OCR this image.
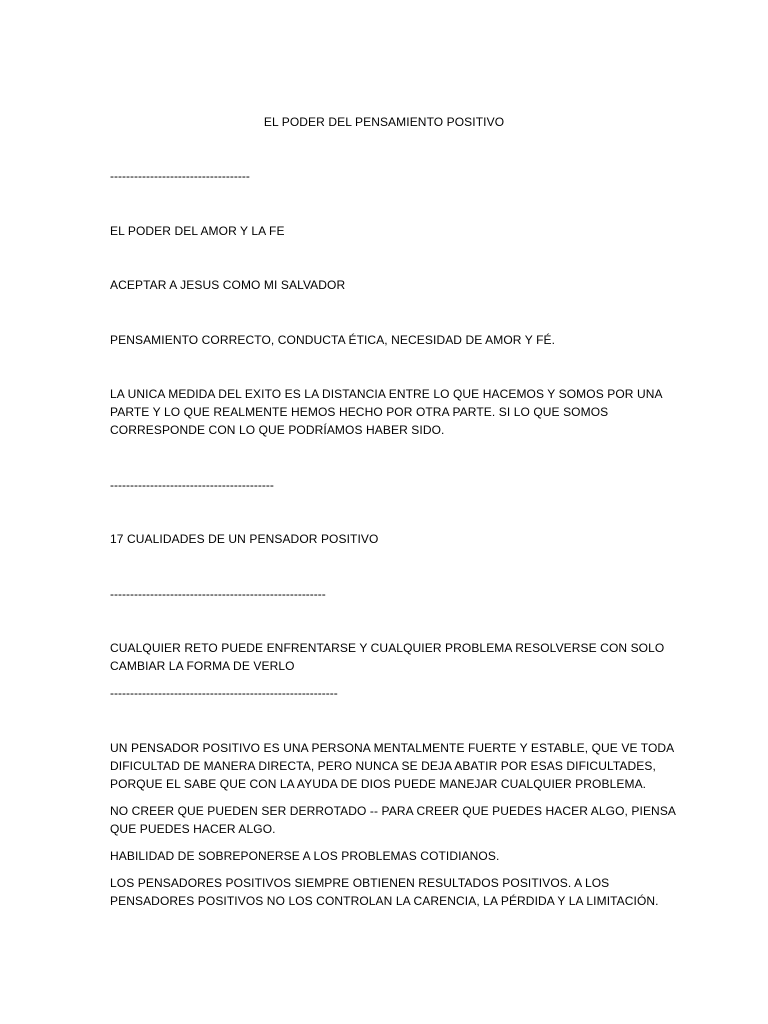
EL PODER DEL PENSAMIENTO POSITIVO
-----------------------------------
EL PODER DEL AMOR Y LA FE
ACEPTAR A JESUS COMO MI SALVADOR
PENSAMIENTO CORRECTO, CONDUCTA ÉTICA, NECESIDAD DE AMOR Y FÉ.
LA UNICA MEDIDA DEL EXITO ES LA DISTANCIA ENTRE LO QUE HACEMOS Y SOMOS POR UNA
PARTE Y LO QUE REALMENTE HEMOS HECHO POR OTRA PARTE. SI LO QUE SOMOS
CORRESPONDE CON LO QUE PODRÍAMOS HABER SIDO.
-----------------------------------------
17 CUALIDADES DE UN PENSADOR POSITIVO
------------------------------------------------------
CUALQUIER RETO PUEDE ENFRENTARSE Y CUALQUIER PROBLEMA RESOLVERSE CON SOLO
CAMBIAR LA FORMA DE VERLO
---------------------------------------------------------
UN PENSADOR POSITIVO ES UNA PERSONA MENTALMENTE FUERTE Y ESTABLE, QUE VE TODA
DIFICULTAD DE MANERA DIRECTA, PERO NUNCA SE DEJA ABATIR POR ESAS DIFICULTADES,
PORQUE EL SABE QUE CON LA AYUDA DE DIOS PUEDE MANEJAR CUALQUIER PROBLEMA.
NO CREER QUE PUEDEN SER DERROTADO -- PARA CREER QUE PUEDES HACER ALGO, PIENSA
QUE PUEDES HACER ALGO.
HABILIDAD DE SOBREPONERSE A LOS PROBLEMAS COTIDIANOS.
LOS PENSADORES POSITIVOS SIEMPRE OBTIENEN RESULTADOS POSITIVOS. A LOS
PENSADORES POSITIVOS NO LOS CONTROLAN LA CARENCIA, LA PÉRDIDA Y LA LIMITACIÓN.
